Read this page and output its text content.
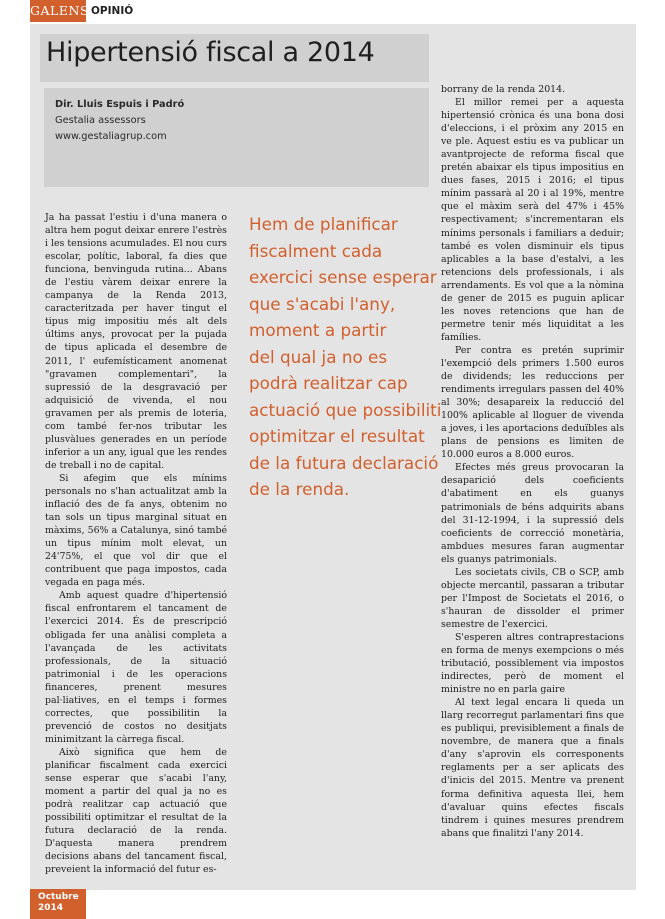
GALENS OPINIÓ
Hipertensió fiscal a 2014
Dir. Lluis Espuis i Padró
Gestalia assessors
www.gestaliagrup.com

Ja ha passat l'estiu i d'una manera o altra hem pogut deixar enrere l'estrès i les tensions acumulades. El nou curs escolar, polític, laboral, fa dies que funciona, benvinguda rutina... Abans de l'estiu vàrem deixar enrere la campanya de la Renda 2013, caracteritzada per haver tingut el tipus mig impositiu més alt dels últims anys, provocat per la pujada de tipus aplicada el desembre de 2011, l' eufemísticament anomenat "gravamen complementari", la supressió de la desgravació per adquisició de vivenda, el nou gravamen per als premis de loteria, com també fer-nos tributar les plusvàlues generades en un període inferior a un any, igual que les rendes de treball i no de capital.

Si afegim que els mínims personals no s'han actualitzat amb la inflació des de fa anys, obtenim no tan sols un tipus marginal situat en màxims, 56% a Catalunya, sinó també un tipus mínim molt elevat, un 24'75%, el que vol dir que el contribuent que paga impostos, cada vegada en paga més.

Amb aquest quadre d'hipertensió fiscal enfrontarem el tancament de l'exercici 2014. És de prescripció obligada fer una anàlisi completa a l'avançada de les activitats professionals, de la situació patrimonial i de les operacions financeres, prenent mesures pal·liatives, en el temps i formes correctes, que possibilitin la prevenció de costos no desitjats minimitzant la càrrega fiscal.

Això significa que hem de planificar fiscalment cada exercici sense esperar que s'acabi l'any, moment a partir del qual ja no es podrà realitzar cap actuació que possibiliti optimitzar el resultat de la futura declaració de la renda. D'aquesta manera prendrem decisions abans del tancament fiscal, preveient la informació del futur es-

Hem de planificar
fiscalment cada
exercici sense esperar
que s'acabi l'any,
moment a partir
del qual ja no es
podrà realitzar cap
actuació que possibiliti
optimitzar el resultat
de la futura declaració
de la renda.

borrany de la renda 2014.

El millor remei per a aquesta hipertensió crònica és una bona dosi d'eleccions, i el pròxim any 2015 en ve ple. Aquest estiu es va publicar un avantprojecte de reforma fiscal que pretén abaixar els tipus impositius en dues fases, 2015 i 2016; el tipus mínim passarà al 20 i al 19%, mentre que el màxim serà del 47% i 45% respectivament; s'incrementaran els mínims personals i familiars a deduir; també es volen disminuir els tipus aplicables a la base d'estalvi, a les retencions dels professionals, i als arrendaments. Es vol que a la nòmina de gener de 2015 es puguin aplicar les noves retencions que han de permetre tenir més liquiditat a les famílies.

Per contra es pretén suprimir l'exempció dels primers 1.500 euros de dividends; les reduccions per rendiments irregulars passen del 40% al 30%; desapareix la reducció del 100% aplicable al lloguer de vivenda a joves, i les aportacions deduïbles als plans de pensions es limiten de 10.000 euros a 8.000 euros.

Efectes més greus provocaran la desaparició dels coeficients d'abatiment en els guanys patrimonials de béns adquirits abans del 31-12-1994, i la supressió dels coeficients de correcció monetària, ambdues mesures faran augmentar els guanys patrimonials.

Les societats civils, CB o SCP, amb objecte mercantil, passaran a tributar per l'Impost de Societats el 2016, o s'hauran de dissolder el primer semestre de l'exercici.

S'esperen altres contraprestacions en forma de menys exempcions o més tributació, possiblement via impostos indirectes, però de moment el ministre no en parla gaire

Al text legal encara li queda un llarg recorregut parlamentari fins que es publiqui, previsiblement a finals de novembre, de manera que a finals d'any s'aprovin els corresponents reglaments per a ser aplicats des d'inicis del 2015. Mentre va prenent forma definitiva aquesta llei, hem d'avaluar quins efectes fiscals tindrem i quines mesures prendrem abans que finalitzi l'any 2014.

Octubre
2014
